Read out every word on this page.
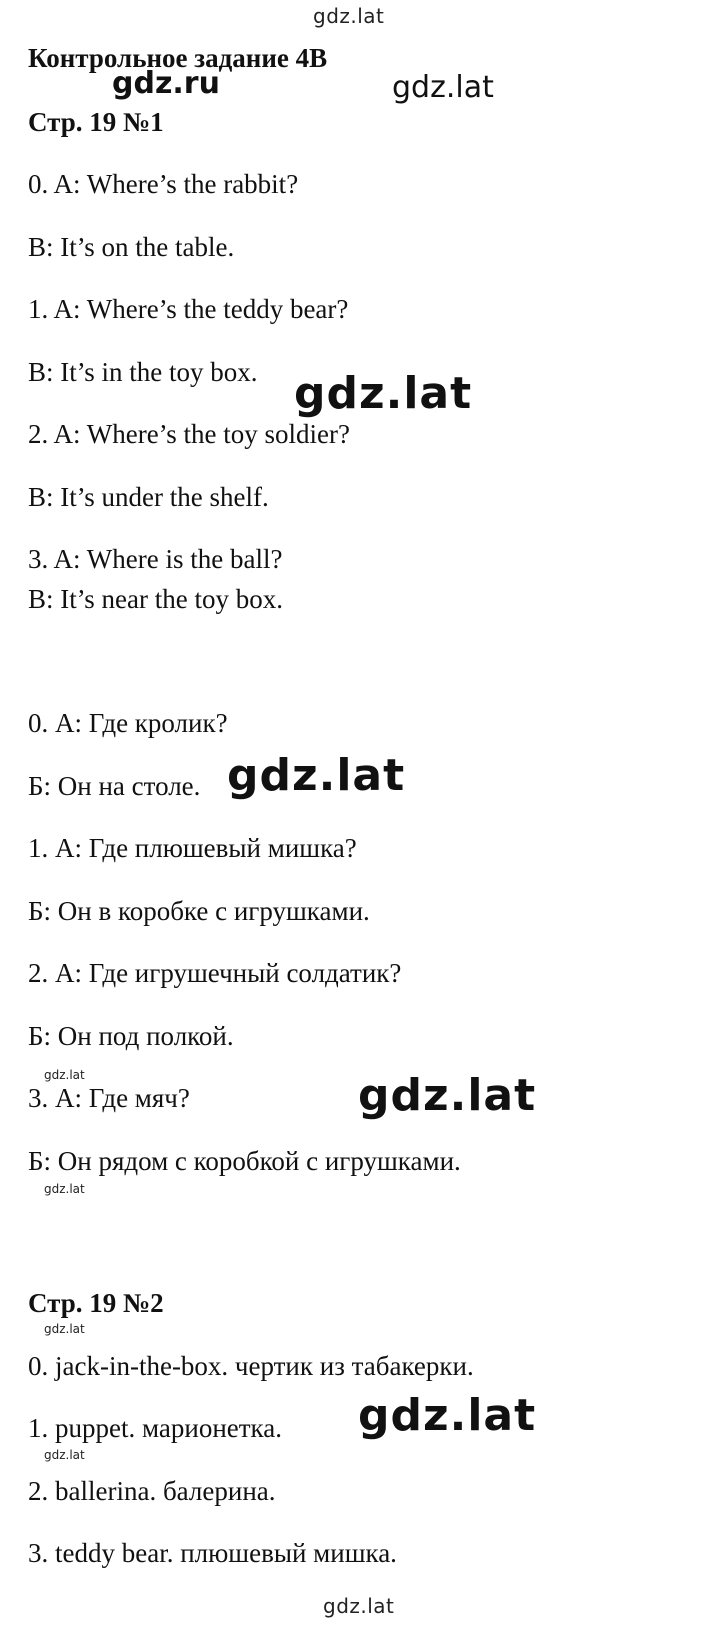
gdz.lat
gdz.ru	gdz.lat
Контрольное задание 4B
Стр. 19 №1
0. A: Where’s the rabbit?
B: It’s on the table.
1. A: Where’s the teddy bear?
B: It’s in the toy box.
2. A: Where’s the toy soldier?
B: It’s under the shelf.
3. A: Where is the ball?
B: It’s near the toy box.
gdz.lat
0. А: Где кролик?
Б: Он на столе.
1. А: Где плюшевый мишка?
Б: Он в коробке с игрушками.
2. А: Где игрушечный солдатик?
Б: Он под полкой.
3. А: Где мяч?
Б: Он рядом с коробкой с игрушками.
gdz.lat
gdz.lat	gdz.lat
gdz.lat
Стр. 19 №2
gdz.lat
0. jack-in-the-box. чертик из табакерки.
1. puppet. марионетка. gdz.lat
gdz.lat
2. ballerina. балерина.
3. teddy bear. плюшевый мишка.
gdz.lat
